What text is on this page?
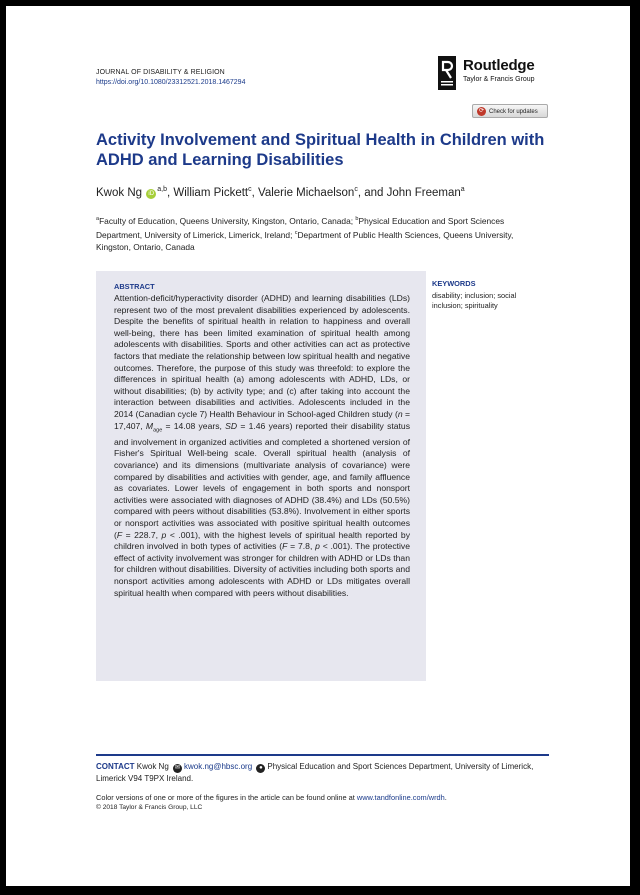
JOURNAL OF DISABILITY & RELIGION
https://doi.org/10.1080/23312521.2018.1467294
Routledge
Taylor & Francis Group
⟳ Check for updates
Activity Involvement and Spiritual Health in Children with ADHD and Learning Disabilities
Kwok Ng iD$^{a,b}$, William Pickett$^c$, Valerie Michaelson$^c$, and John Freeman$^a$
$^a$Faculty of Education, Queens University, Kingston, Ontario, Canada; $^b$Physical Education and Sport Sciences Department, University of Limerick, Limerick, Ireland; $^c$Department of Public Health Sciences, Queens University, Kingston, Ontario, Canada
ABSTRACT
Attention-deficit/hyperactivity disorder (ADHD) and learning disabilities (LDs) represent two of the most prevalent disabilities experienced by adolescents. Despite the benefits of spiritual health in relation to happiness and overall well-being, there has been limited examination of spiritual health among adolescents with disabilities. Sports and other activities can act as protective factors that mediate the relationship between low spiritual health and negative outcomes. Therefore, the purpose of this study was threefold: to explore the differences in spiritual health (a) among adolescents with ADHD, LDs, or without disabilities; (b) by activity type; and (c) after taking into account the interaction between disabilities and activities. Adolescents included in the 2014 (Canadian cycle 7) Health Behaviour in School-aged Children study (n = 17,407, $M_{age} = 14.08$ years, SD = 1.46 years) reported their disability status and involvement in organized activities and completed a shortened version of Fisher's Spiritual Well-being scale. Overall spiritual health (analysis of covariance) and its dimensions (multivariate analysis of covariance) were compared by disabilities and activities with gender, age, and family affluence as covariates. Lower levels of engagement in both sports and nonsport activities were associated with diagnoses of ADHD (38.4%) and LDs (50.5%) compared with peers without disabilities (53.8%). Involvement in either sports or nonsport activities was associated with positive spiritual health outcomes (F = 228.7, p < .001), with the highest levels of spiritual health reported by children involved in both types of activities (F = 7.8, p < .001). The protective effect of activity involvement was stronger for children with ADHD or LDs than for children without disabilities. Diversity of activities including both sports and nonsport activities among adolescents with ADHD or LDs mitigates overall spiritual health when compared with peers without disabilities.
KEYWORDS
disability; inclusion; social inclusion; spirituality
CONTACT Kwok Ng ✉ kwok.ng@hbsc.org ● Physical Education and Sport Sciences Department, University of Limerick, Limerick V94 T9PX Ireland.
Color versions of one or more of the figures in the article can be found online at www.tandfonline.com/wrdh.
© 2018 Taylor & Francis Group, LLC
